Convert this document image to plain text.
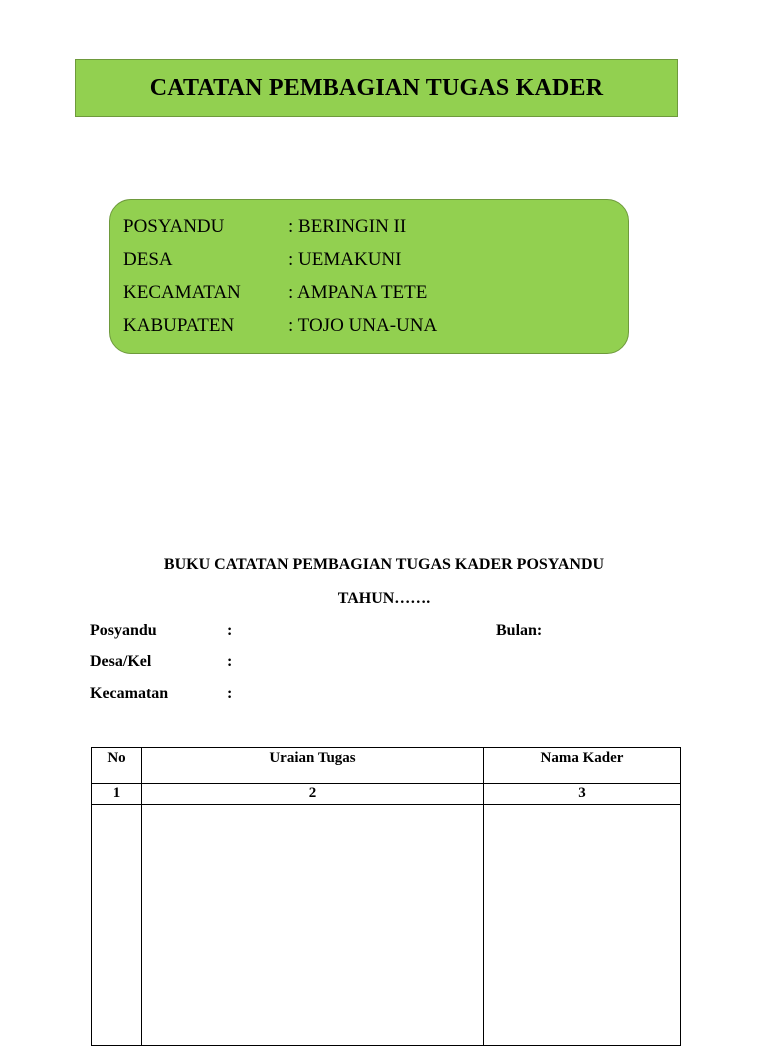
CATATAN PEMBAGIAN TUGAS KADER
POSYANDU	: BERINGIN II
DESA	: UEMAKUNI
KECAMATAN : AMPANA TETE
KABUPATEN	: TOJO UNA-UNA
BUKU CATATAN PEMBAGIAN TUGAS KADER POSYANDU
TAHUN…….
Posyandu	:	Bulan:
Desa/Kel	:
Kecamatan	:
No	Uraian Tugas	Nama Kader
1	2	3
